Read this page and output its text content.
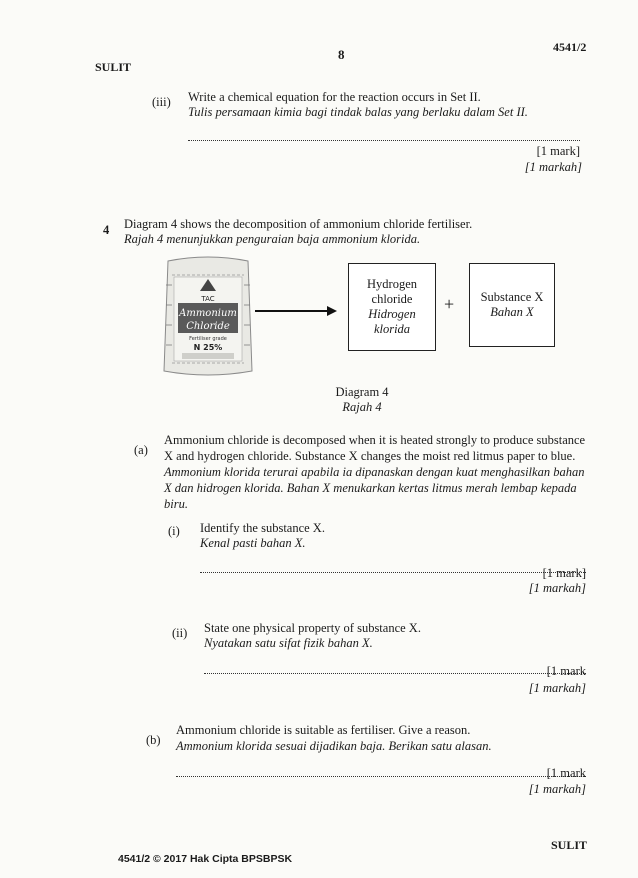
SULIT
8	4541/2
(iii) Write a chemical equation for the reaction occurs in Set II.
Tulis persamaan kimia bagi tindak balas yang berlaku dalam Set II.
[1 mark]
[1 markah]
4 Diagram 4 shows the decomposition of ammonium chloride fertiliser.
Rajah 4 menunjukkan penguraian baja ammonium klorida.
TAC
Ammonium
Chloride
Fertiliser grade
N 25%
Hydrogen
chloride
Hidrogen
klorida
+ Substance X
Bahan X
Diagram 4
Rajah 4
(a)
Ammonium chloride is decomposed when it is heated strongly to produce substance
X and hydrogen chloride. Substance X changes the moist red litmus paper to blue.
Ammonium klorida terurai apabila ia dipanaskan dengan kuat menghasilkan bahan
X dan hidrogen klorida. Bahan X menukarkan kertas litmus merah lembap kepada
biru.
(i) Identify the substance X.
Kenal pasti bahan X.
[1 mark]
[1 markah]
(ii) State one physical property of substance X.
Nyatakan satu sifat fizik bahan X.
[1 mark
[1 markah]
(b)
Ammonium chloride is suitable as fertiliser. Give a reason.
Ammonium klorida sesuai dijadikan baja. Berikan satu alasan.
[1 mark
[1 markah]
4541/2 © 2017 Hak Cipta BPSBPSK
SULIT
